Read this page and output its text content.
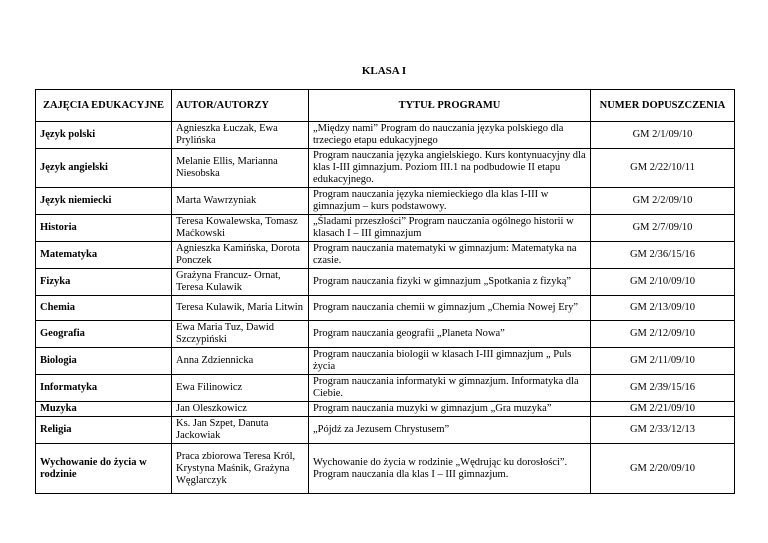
KLASA I
ZAJĘCIA EDUKACYJNE	AUTOR/AUTORZY	TYTUŁ PROGRAMU	NUMER DOPUSZCZENIA
Język polski	Agnieszka Łuczak, Ewa Prylińska	„Między nami” Program do nauczania języka polskiego dla trzeciego etapu edukacyjnego	GM 2/1/09/10
Język angielski	Melanie Ellis, Marianna Niesobska	Program nauczania języka angielskiego. Kurs kontynuacyjny dla klas I-III gimnazjum. Poziom III.1 na podbudowie II etapu edukacyjnego.	GM 2/22/10/11
Język niemiecki	Marta Wawrzyniak	Program nauczania języka niemieckiego dla klas I-III w gimnazjum – kurs podstawowy.	GM 2/2/09/10
Historia	Teresa Kowalewska, Tomasz Maćkowski	„Śladami przeszłości” Program nauczania ogólnego historii w klasach I – III gimnazjum	GM 2/7/09/10
Matematyka	Agnieszka Kamińska, Dorota Ponczek	Program nauczania matematyki w gimnazjum: Matematyka na czasie.	GM 2/36/15/16
Fizyka	Grażyna Francuz- Ornat, Teresa Kulawik	Program nauczania fizyki w gimnazjum „Spotkania z fizyką”	GM 2/10/09/10
Chemia	Teresa Kulawik, Maria Litwin	Program nauczania chemii w gimnazjum „Chemia Nowej Ery”	GM 2/13/09/10
Geografia	Ewa Maria Tuz, Dawid Szczypiński	Program nauczania geografii „Planeta Nowa”	GM 2/12/09/10
Biologia	Anna Zdziennicka	Program nauczania biologii w klasach I-III gimnazjum „ Puls życia	GM 2/11/09/10
Informatyka	Ewa Filinowicz	Program nauczania informatyki w gimnazjum. Informatyka dla Ciebie.	GM 2/39/15/16
Muzyka	Jan Oleszkowicz	Program nauczania muzyki w gimnazjum „Gra muzyka”	GM 2/21/09/10
Religia	Ks. Jan Szpet, Danuta Jackowiak	„Pójdź za Jezusem Chrystusem”	GM 2/33/12/13
Wychowanie do życia w rodzinie	Praca zbiorowa Teresa Król, Krystyna Maśnik, Grażyna Węglarczyk	Wychowanie do życia w rodzinie „Wędrując ku dorosłości”. Program nauczania dla klas I – III gimnazjum.	GM 2/20/09/10
